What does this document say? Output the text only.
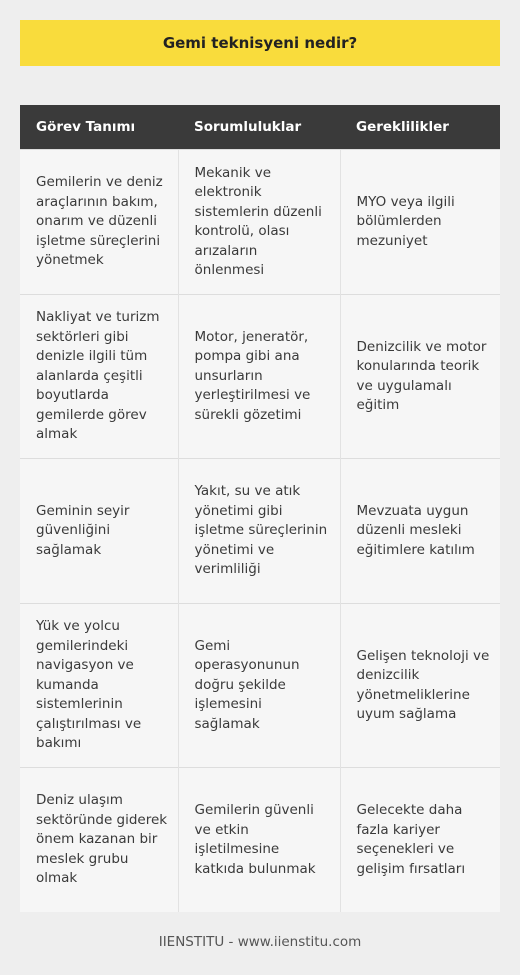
Gemi teknisyeni nedir?
Görev Tanımı	Sorumluluklar	Gereklilikler
Gemilerin ve deniz araçlarının bakım, onarım ve düzenli işletme süreçlerini yönetmek	Mekanik ve elektronik sistemlerin düzenli kontrolü, olası arızaların önlenmesi	MYO veya ilgili bölümlerden mezuniyet
Nakliyat ve turizm sektörleri gibi denizle ilgili tüm alanlarda çeşitli boyutlarda gemilerde görev almak	Motor, jeneratör, pompa gibi ana unsurların yerleştirilmesi ve sürekli gözetimi	Denizcilik ve motor konularında teorik ve uygulamalı eğitim
Geminin seyir güvenliğini sağlamak	Yakıt, su ve atık yönetimi gibi işletme süreçlerinin yönetimi ve verimliliği	Mevzuata uygun düzenli mesleki eğitimlere katılım
Yük ve yolcu gemilerindeki navigasyon ve kumanda sistemlerinin çalıştırılması ve bakımı	Gemi operasyonunun doğru şekilde işlemesini sağlamak	Gelişen teknoloji ve denizcilik yönetmeliklerine uyum sağlama
Deniz ulaşım sektöründe giderek önem kazanan bir meslek grubu olmak	Gemilerin güvenli ve etkin işletilmesine katkıda bulunmak	Gelecekte daha fazla kariyer seçenekleri ve gelişim fırsatları
IIENSTITU - www.iienstitu.com
